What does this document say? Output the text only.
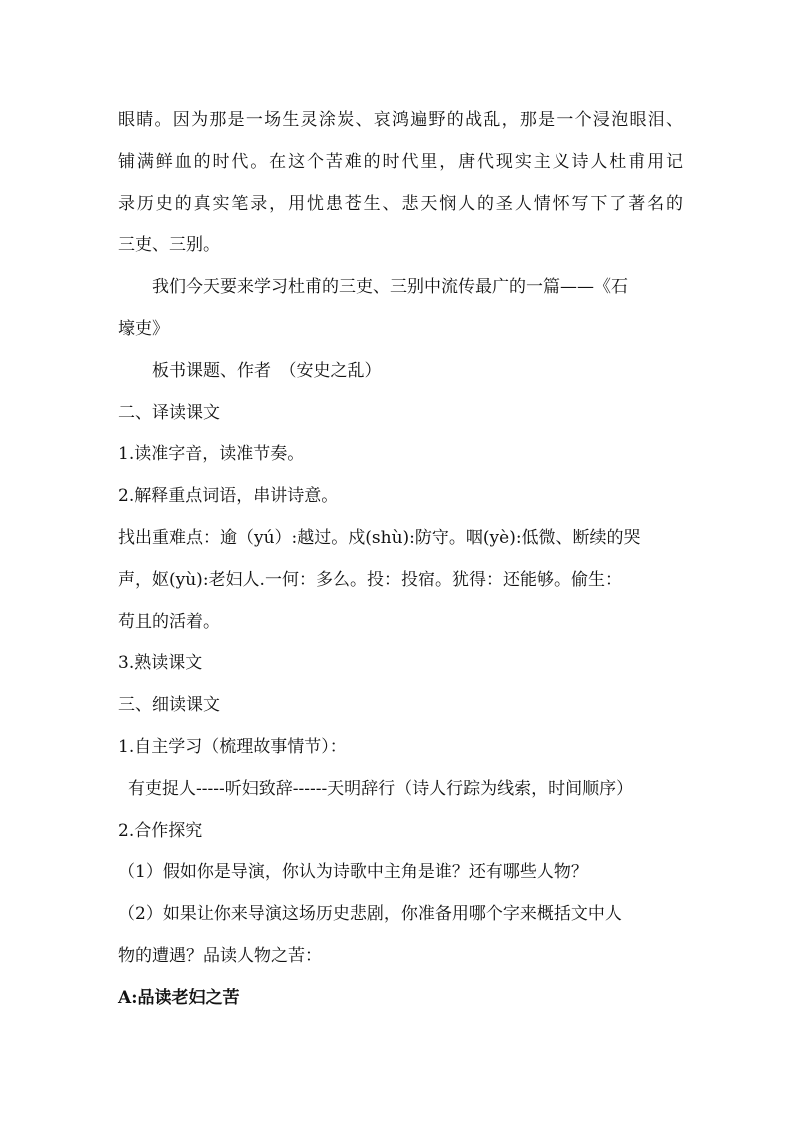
眼睛。因为那是一场生灵涂炭、哀鸿遍野的战乱，那是一个浸泡眼泪、

铺满鲜血的时代。在这个苦难的时代里，唐代现实主义诗人杜甫用记

录历史的真实笔录，用忧患苍生、悲天悯人的圣人情怀写下了著名的

三吏、三别。

我们今天要来学习杜甫的三吏、三别中流传最广的一篇——《石

壕吏》

板书课题、作者　（安史之乱）

二、译读课文

1.读准字音，读准节奏。

2.解释重点词语，串讲诗意。

找出重难点：逾（yú）:越过。戍(shù):防守。咽(yè):低微、断续的哭

声，妪(yù):老妇人.一何：多么。投：投宿。犹得：还能够。偷生：

苟且的活着。

3.熟读课文

三、细读课文

1.自主学习（梳理故事情节）：

有吏捉人-----听妇致辞------天明辞行（诗人行踪为线索，时间顺序）

2.合作探究

（1）假如你是导演，你认为诗歌中主角是谁？还有哪些人物？

（2）如果让你来导演这场历史悲剧，你准备用哪个字来概括文中人

物的遭遇？品读人物之苦：

A:品读老妇之苦
